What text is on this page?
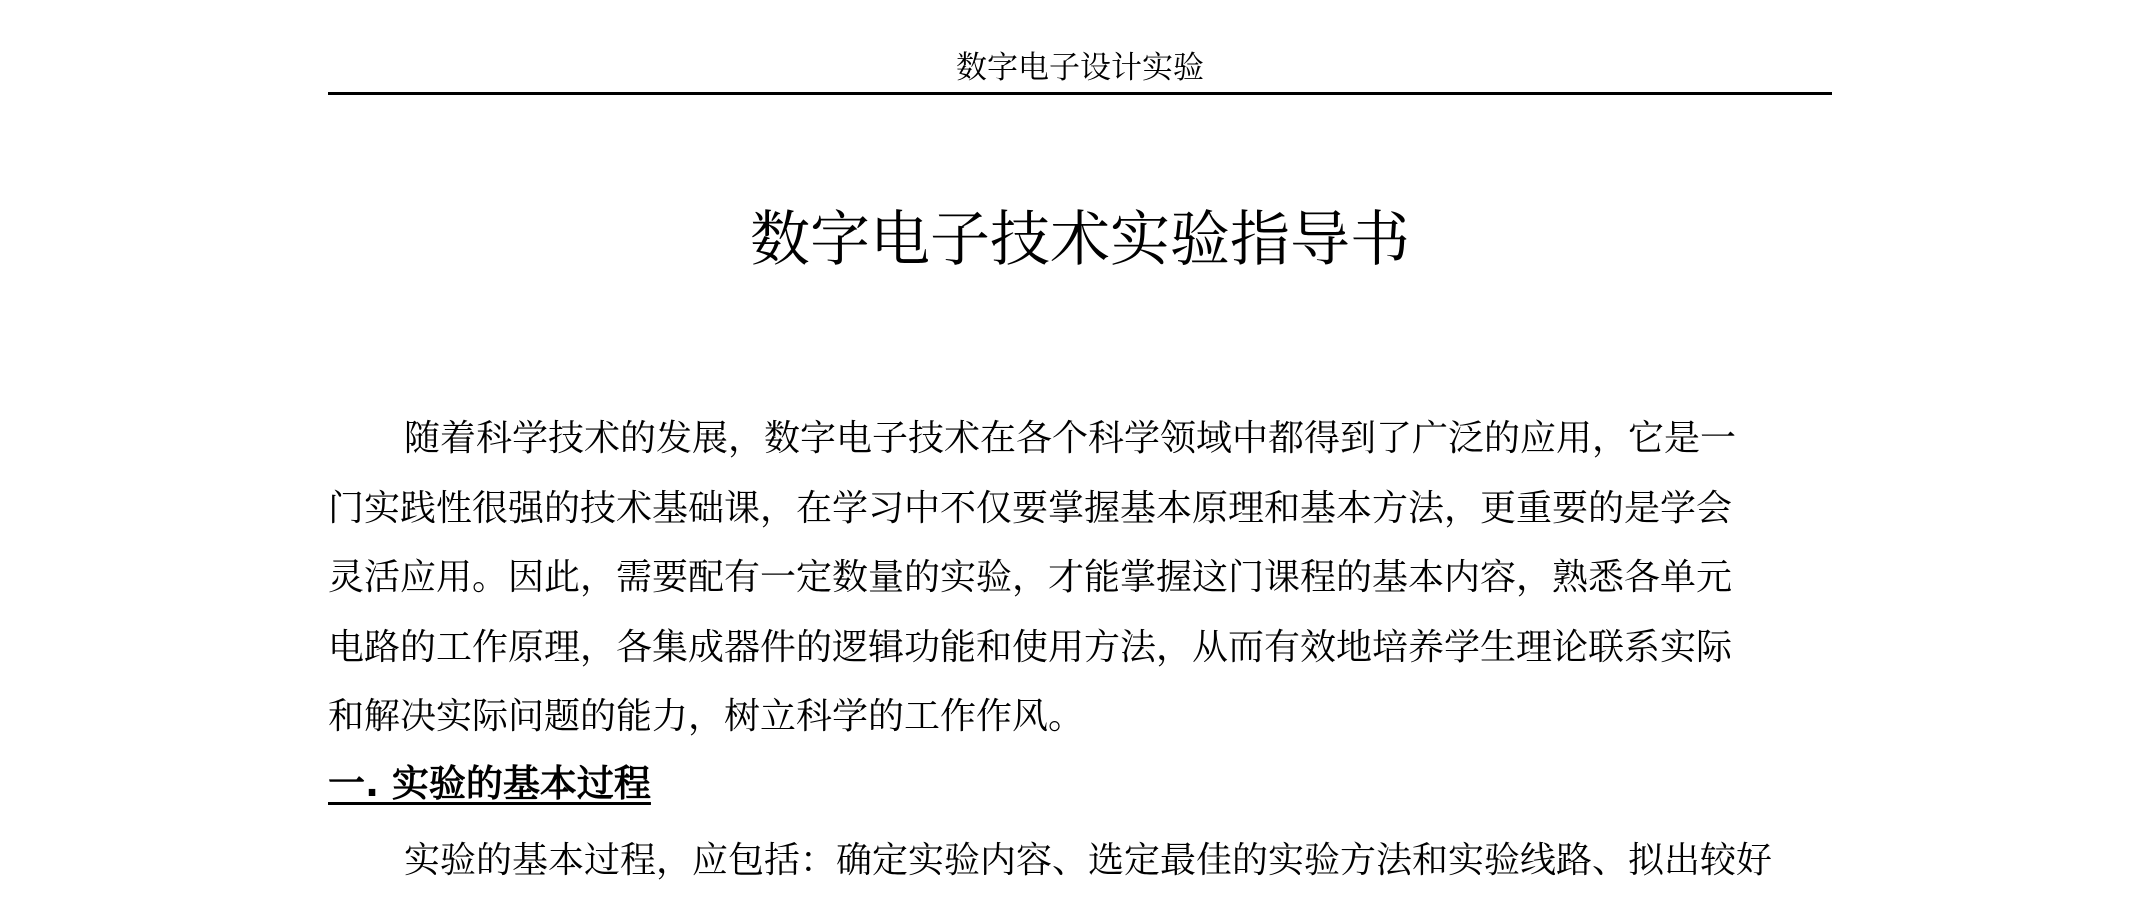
数字电子设计实验
数字电子技术实验指导书
随着科学技术的发展，数字电子技术在各个科学领域中都得到了广泛的应用，它是一
门实践性很强的技术基础课，在学习中不仅要掌握基本原理和基本方法，更重要的是学会
灵活应用。因此，需要配有一定数量的实验，才能掌握这门课程的基本内容，熟悉各单元
电路的工作原理，各集成器件的逻辑功能和使用方法，从而有效地培养学生理论联系实际
和解决实际问题的能力，树立科学的工作作风。
一. 实验的基本过程
实验的基本过程，应包括：确定实验内容、选定最佳的实验方法和实验线路、拟出较好
